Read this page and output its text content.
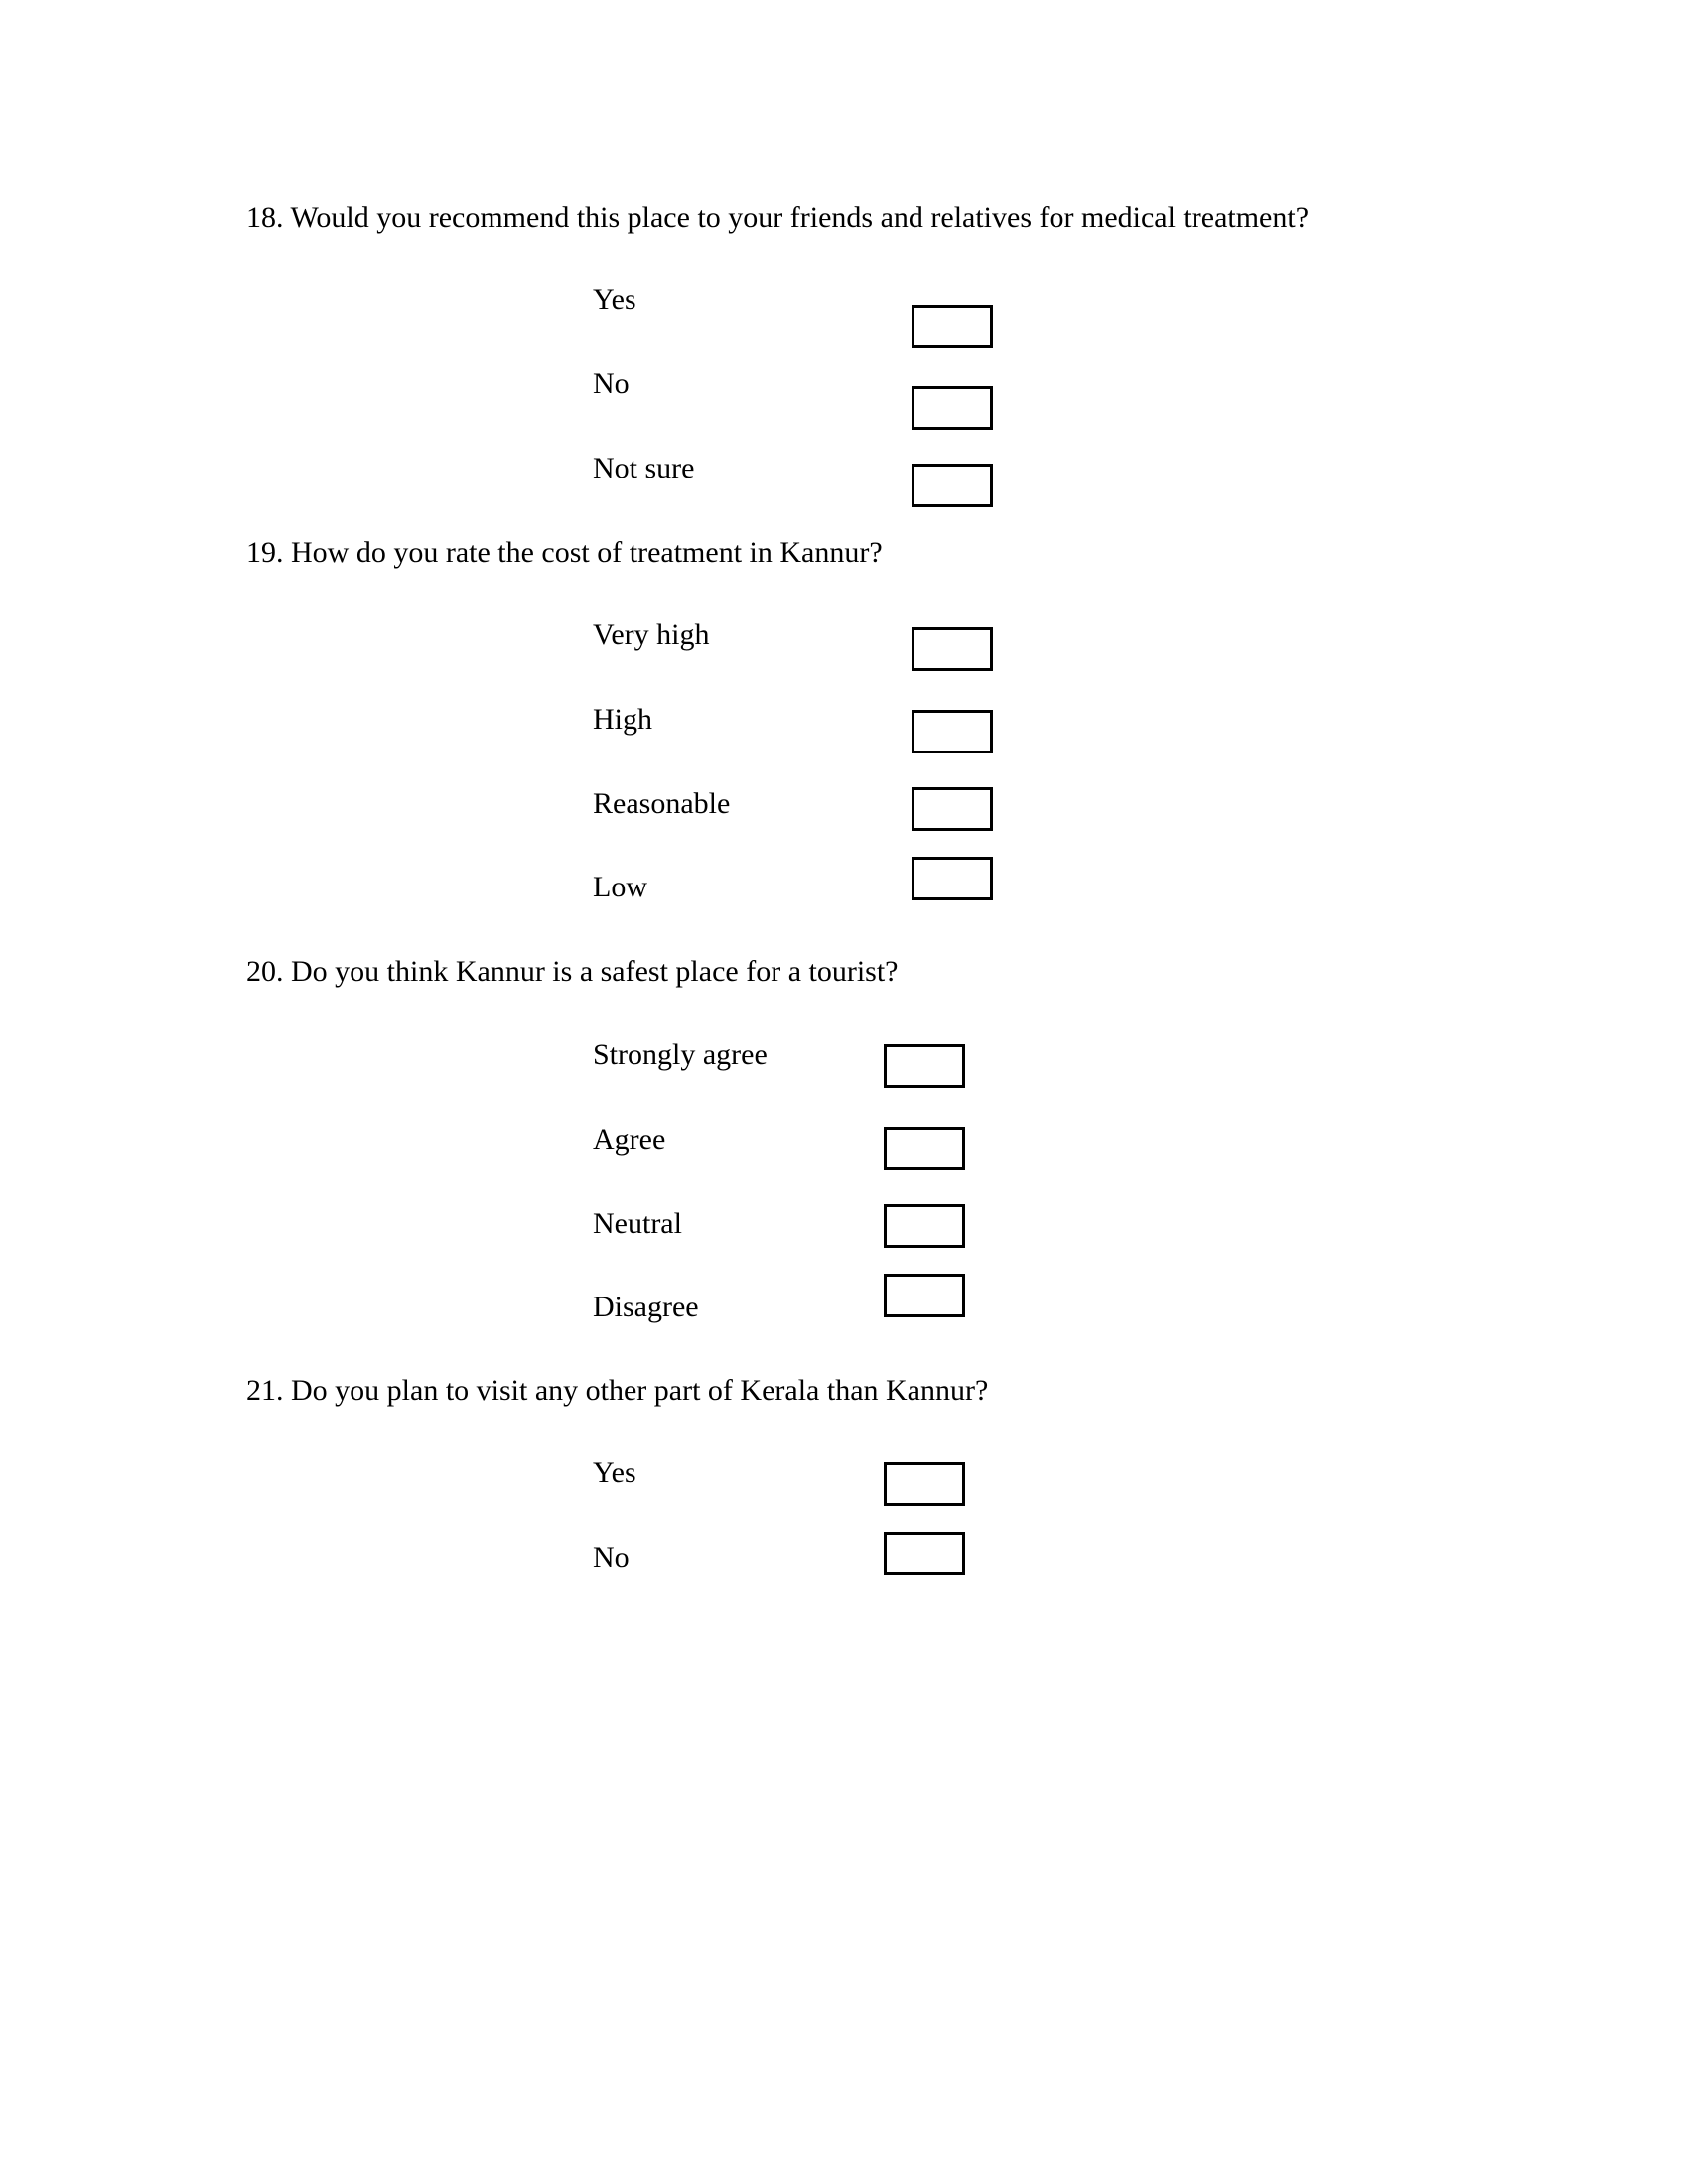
18. Would you recommend this place to your friends and relatives for medical treatment?
Yes
No
Not sure
19. How do you rate the cost of treatment in Kannur?
Very high
High
Reasonable
Low
20. Do you think Kannur is a safest place for a tourist?
Strongly agree
Agree
Neutral
Disagree
21. Do you plan to visit any other part of Kerala than Kannur?
Yes
No
